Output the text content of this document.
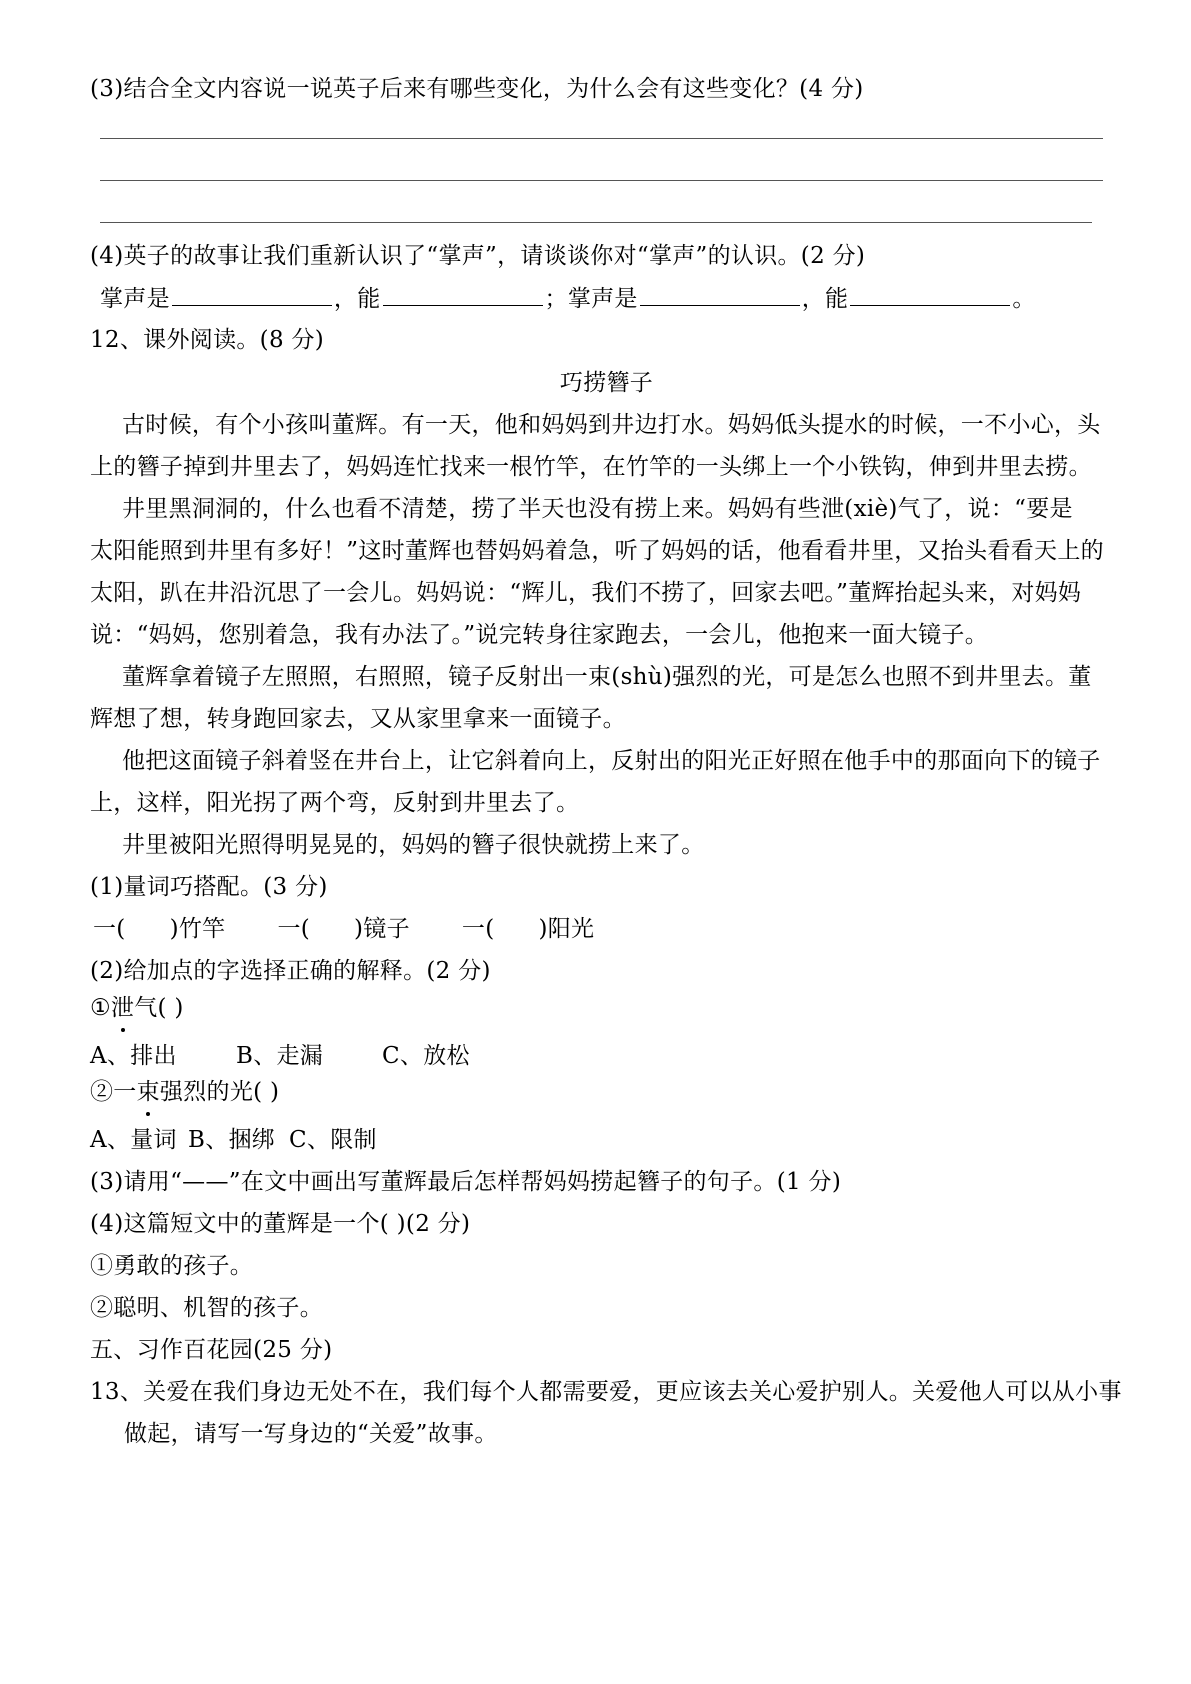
(3)结合全文内容说一说英子后来有哪些变化，为什么会有这些变化？(4 分)
(4)英子的故事让我们重新认识了“掌声”，请谈谈你对“掌声”的认识。(2 分)
掌声是	，能	；掌声是	，能	。
12、课外阅读。(8 分)
巧捞簪子
古时候，有个小孩叫董辉。有一天，他和妈妈到井边打水。妈妈低头提水的时候，一不小心，头
上的簪子掉到井里去了，妈妈连忙找来一根竹竿，在竹竿的一头绑上一个小铁钩，伸到井里去捞。
井里黑洞洞的，什么也看不清楚，捞了半天也没有捞上来。妈妈有些泄(xiè)气了，说：“要是
太阳能照到井里有多好！”这时董辉也替妈妈着急，听了妈妈的话，他看看井里，又抬头看看天上的
太阳，趴在井沿沉思了一会儿。妈妈说：“辉儿，我们不捞了，回家去吧。”董辉抬起头来，对妈妈
说：“妈妈，您别着急，我有办法了。”说完转身往家跑去，一会儿，他抱来一面大镜子。
董辉拿着镜子左照照，右照照，镜子反射出一束(shù)强烈的光，可是怎么也照不到井里去。董
辉想了想，转身跑回家去，又从家里拿来一面镜子。
他把这面镜子斜着竖在井台上，让它斜着向上，反射出的阳光正好照在他手中的那面向下的镜子
上，这样，阳光拐了两个弯，反射到井里去了。
井里被阳光照得明晃晃的，妈妈的簪子很快就捞上来了。
(1)量词巧搭配。(3 分)
一( )竹竿 一( )镜子 一( )阳光
(2)给加点的字选择正确的解释。(2 分)
①泄气( )
A、排出	B、走漏	C、放松
②一束强烈的光( )
A、量词 B、捆绑 C、限制
(3)请用“——”在文中画出写董辉最后怎样帮妈妈捞起簪子的句子。(1 分)
(4)这篇短文中的董辉是一个( )(2 分)
①勇敢的孩子。
②聪明、机智的孩子。
五、习作百花园(25 分)
13、关爱在我们身边无处不在，我们每个人都需要爱，更应该去关心爱护别人。关爱他人可以从小事
做起，请写一写身边的“关爱”故事。
